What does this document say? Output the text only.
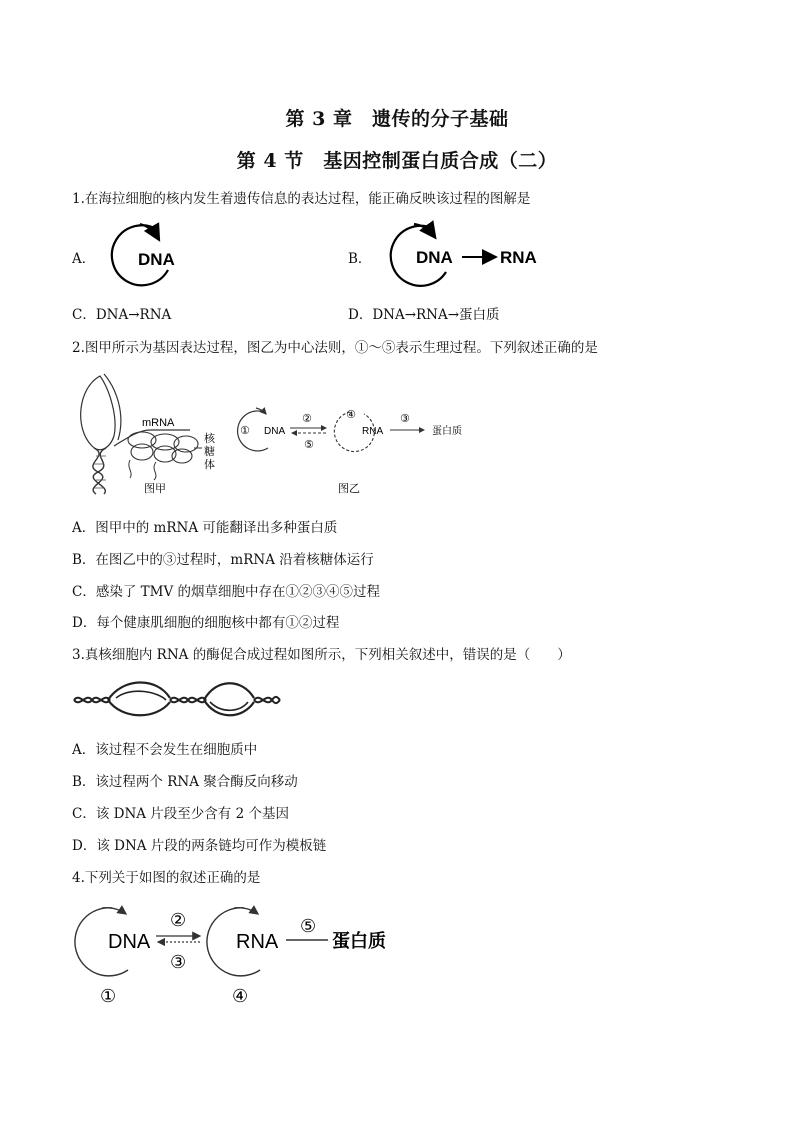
第 3 章　遗传的分子基础
第 4 节　基因控制蛋白质合成（二）
1.在海拉细胞的核内发生着遗传信息的表达过程，能正确反映该过程的图解是
A．	DNA	B．	DNA	RNA
C．DNA→RNA	D．DNA→RNA→蛋白质
2.图甲所示为基因表达过程，图乙为中心法则，①～⑤表示生理过程。下列叙述正确的是
mRNA
核
糖
体
图甲
① DNA
②
⑤
④
RNA
③
蛋白质
图乙
A．图甲中的 mRNA 可能翻译出多种蛋白质
B．在图乙中的③过程时，mRNA 沿着核糖体运行
C．感染了 TMV 的烟草细胞中存在①②③④⑤过程
D．每个健康肌细胞的细胞核中都有①②过程
3.真核细胞内 RNA 的酶促合成过程如图所示，下列相关叙述中，错误的是（　　）
A．该过程不会发生在细胞质中
B．该过程两个 RNA 聚合酶反向移动
C．该 DNA 片段至少含有 2 个基因
D．该 DNA 片段的两条链均可作为模板链
4.下列关于如图的叙述正确的是
DNA
①
②
③
RNA
④
⑤
蛋白质
